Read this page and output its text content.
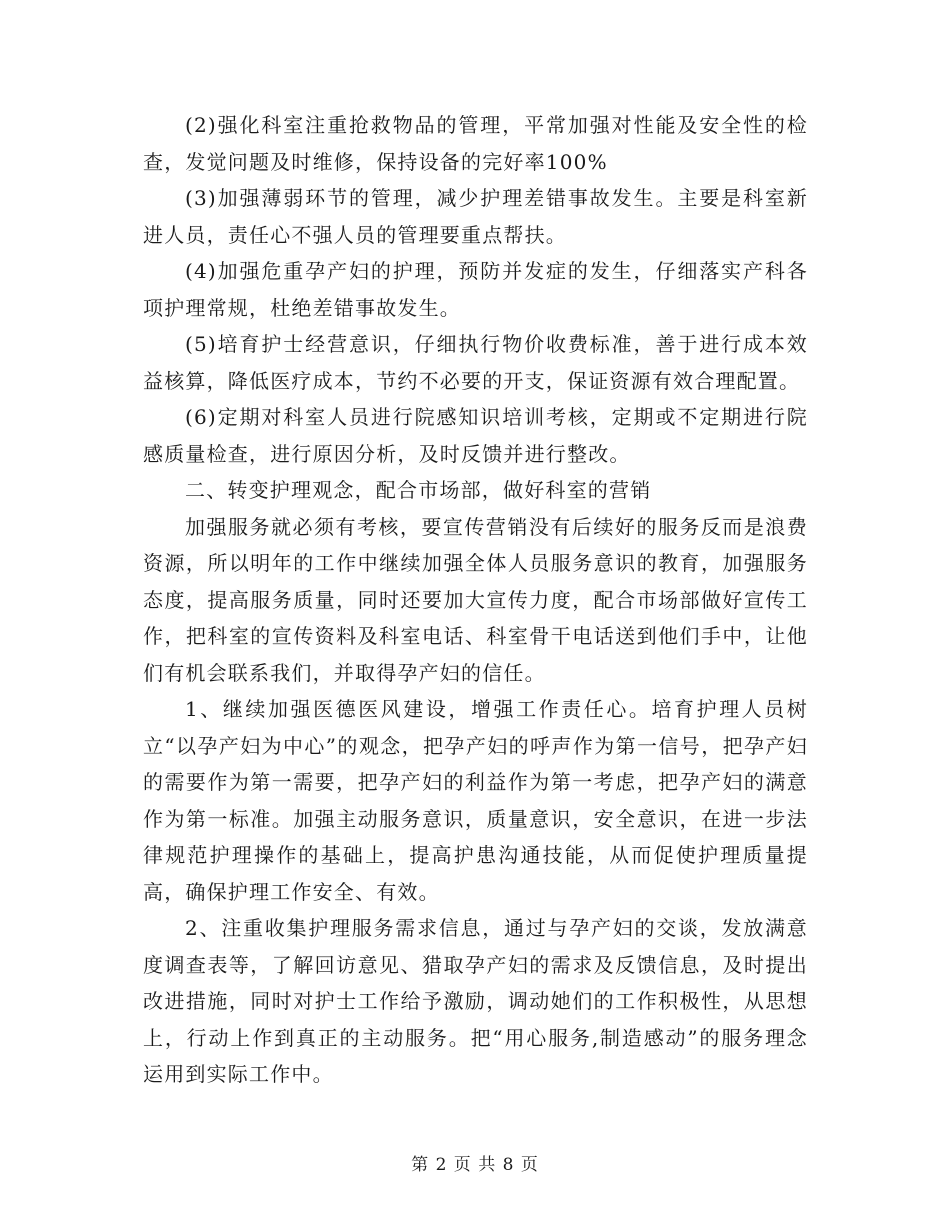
(2)强化科室注重抢救物品的管理，平常加强对性能及安全性的检查，发觉问题及时维修，保持设备的完好率100%

(3)加强薄弱环节的管理，减少护理差错事故发生。主要是科室新进人员，责任心不强人员的管理要重点帮扶。

(4)加强危重孕产妇的护理，预防并发症的发生，仔细落实产科各项护理常规，杜绝差错事故发生。

(5)培育护士经营意识，仔细执行物价收费标准，善于进行成本效益核算，降低医疗成本，节约不必要的开支，保证资源有效合理配置。

(6)定期对科室人员进行院感知识培训考核，定期或不定期进行院感质量检查，进行原因分析，及时反馈并进行整改。

二、转变护理观念，配合市场部，做好科室的营销

加强服务就必须有考核，要宣传营销没有后续好的服务反而是浪费资源，所以明年的工作中继续加强全体人员服务意识的教育，加强服务态度，提高服务质量，同时还要加大宣传力度，配合市场部做好宣传工作，把科室的宣传资料及科室电话、科室骨干电话送到他们手中，让他们有机会联系我们，并取得孕产妇的信任。

1、继续加强医德医风建设，增强工作责任心。培育护理人员树立“以孕产妇为中心”的观念，把孕产妇的呼声作为第一信号，把孕产妇的需要作为第一需要，把孕产妇的利益作为第一考虑，把孕产妇的满意作为第一标准。加强主动服务意识，质量意识，安全意识，在进一步法律规范护理操作的基础上，提高护患沟通技能，从而促使护理质量提高，确保护理工作安全、有效。

2、注重收集护理服务需求信息，通过与孕产妇的交谈，发放满意度调查表等，了解回访意见、猎取孕产妇的需求及反馈信息，及时提出改进措施，同时对护士工作给予激励，调动她们的工作积极性，从思想上，行动上作到真正的主动服务。把“用心服务,制造感动”的服务理念运用到实际工作中。

第 2 页 共 8 页
